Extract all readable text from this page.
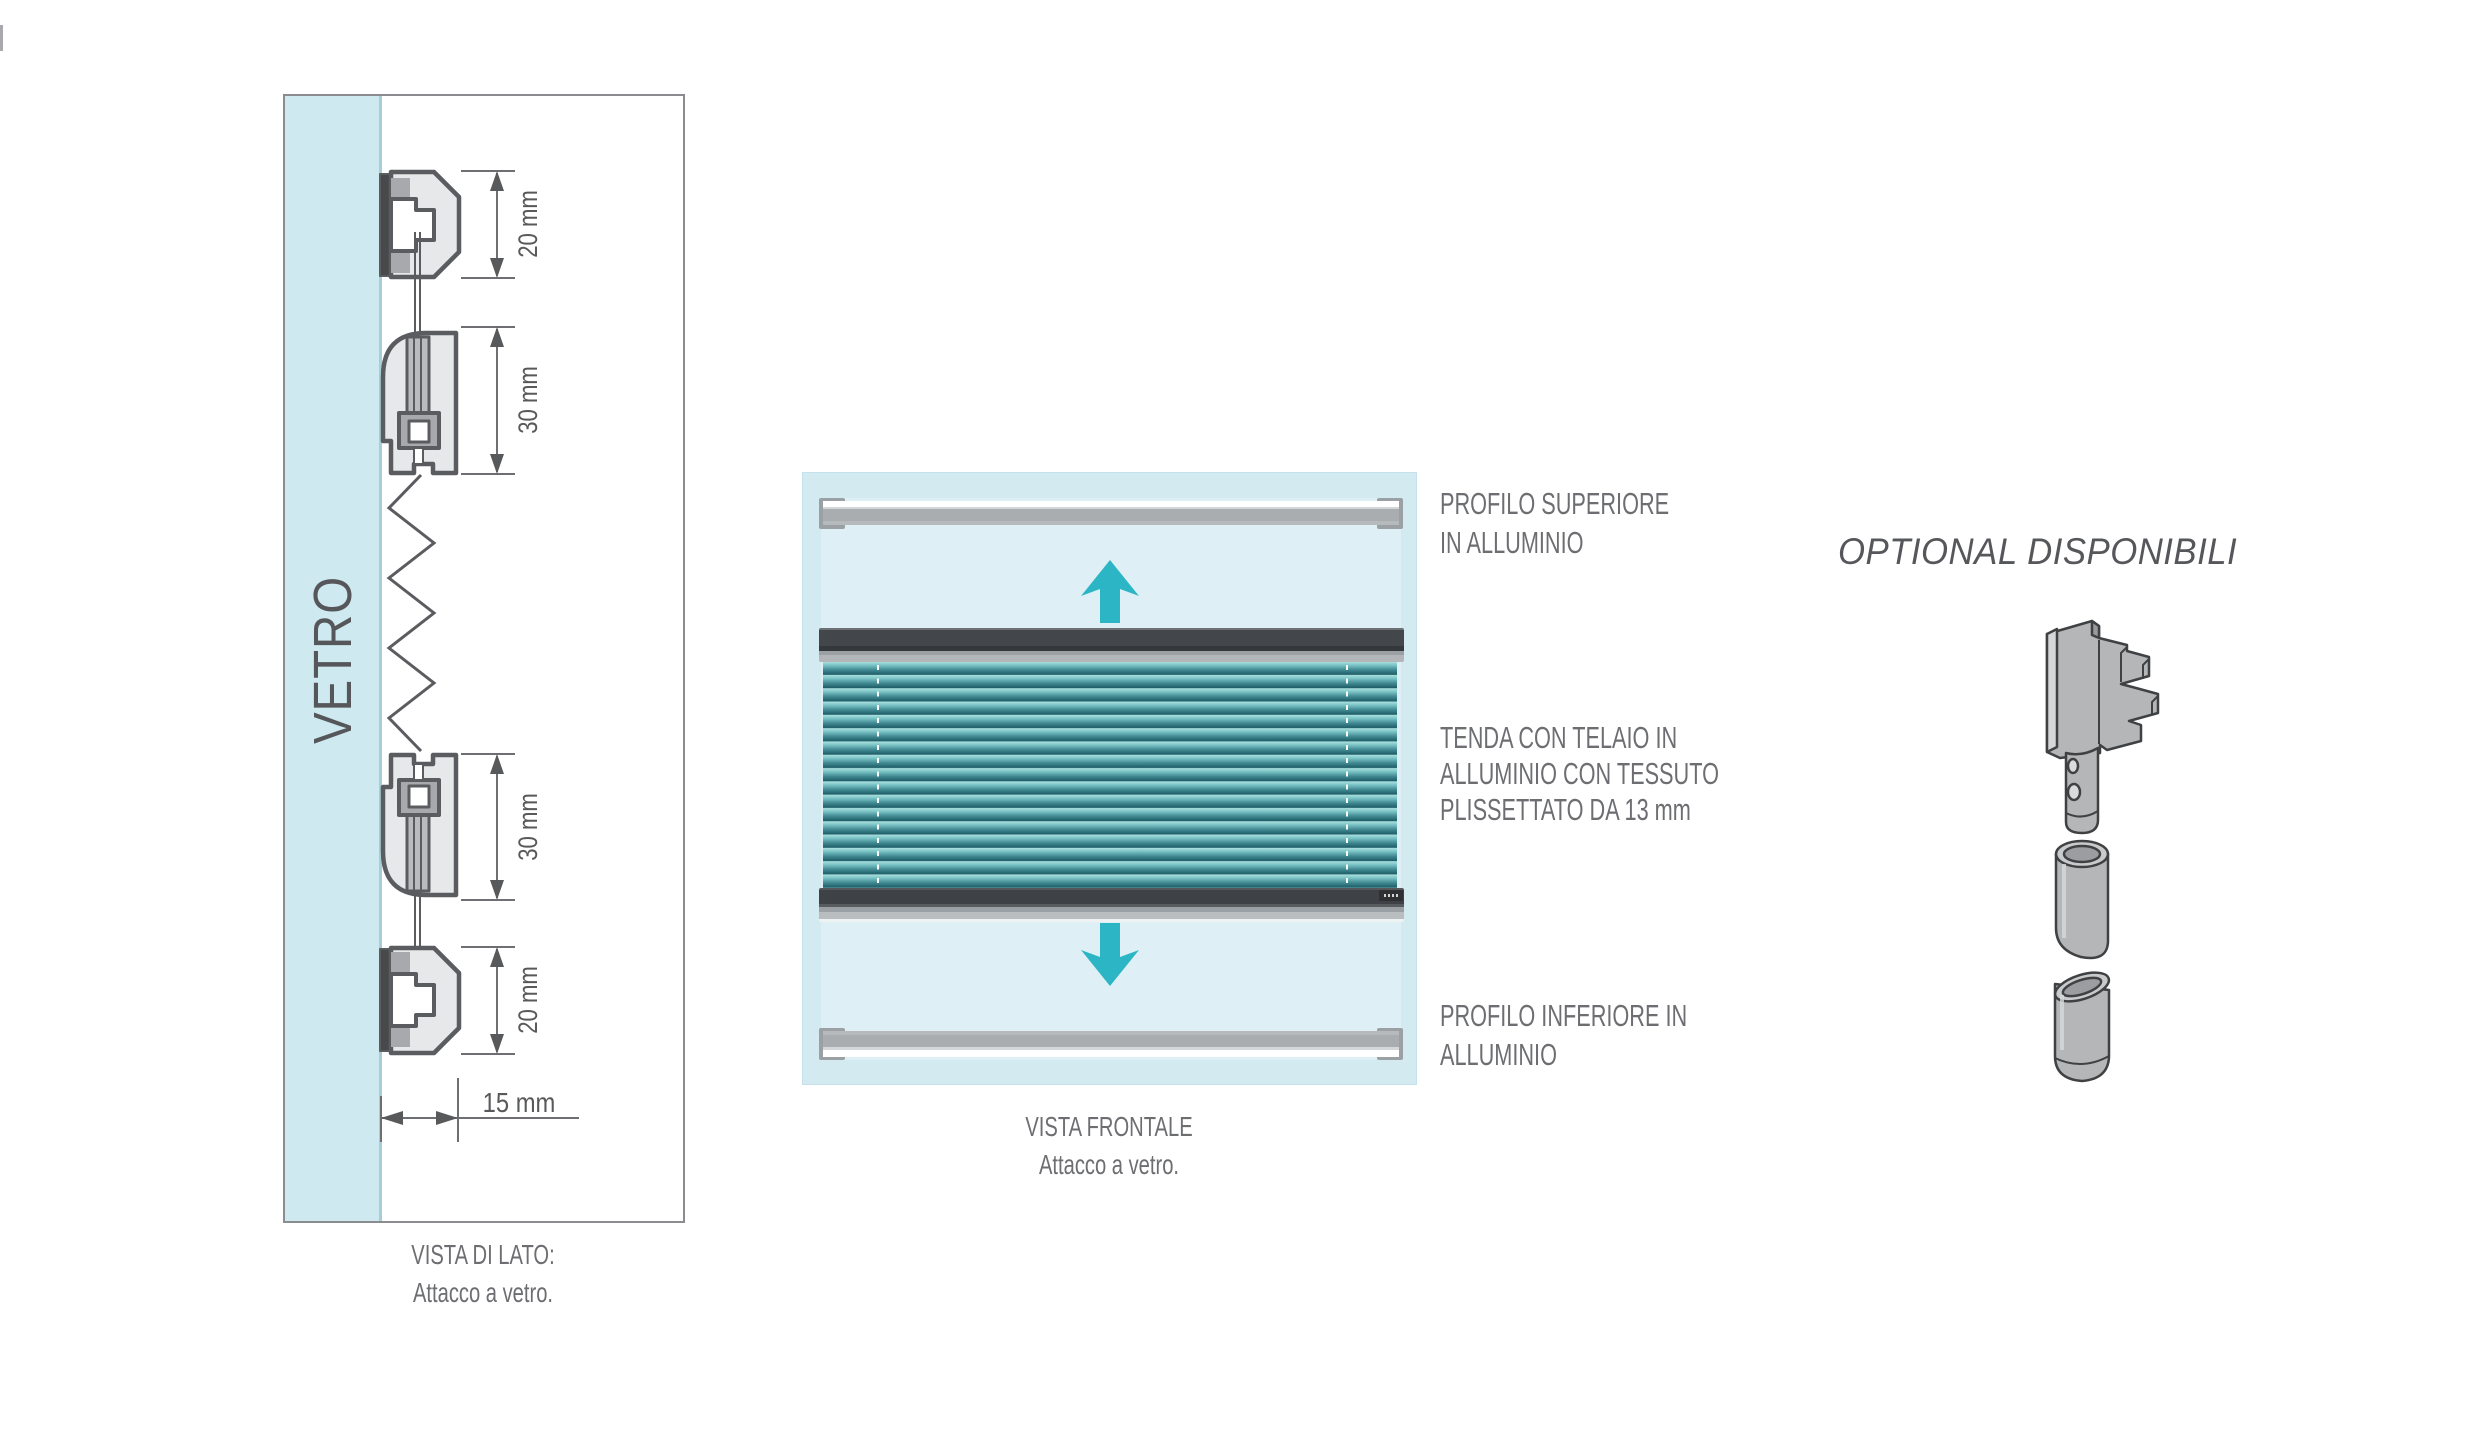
VETRO
20 mm
30 mm
30 mm
20 mm
15 mm
VISTA DI LATO:
Attacco a vetro.
PROFILO SUPERIORE
IN ALLUMINIO
TENDA CON TELAIO IN
ALLUMINIO CON TESSUTO
PLISSETTATO DA 13 mm
PROFILO INFERIORE IN
ALLUMINIO
VISTA FRONTALE
Attacco a vetro.
OPTIONAL DISPONIBILI
